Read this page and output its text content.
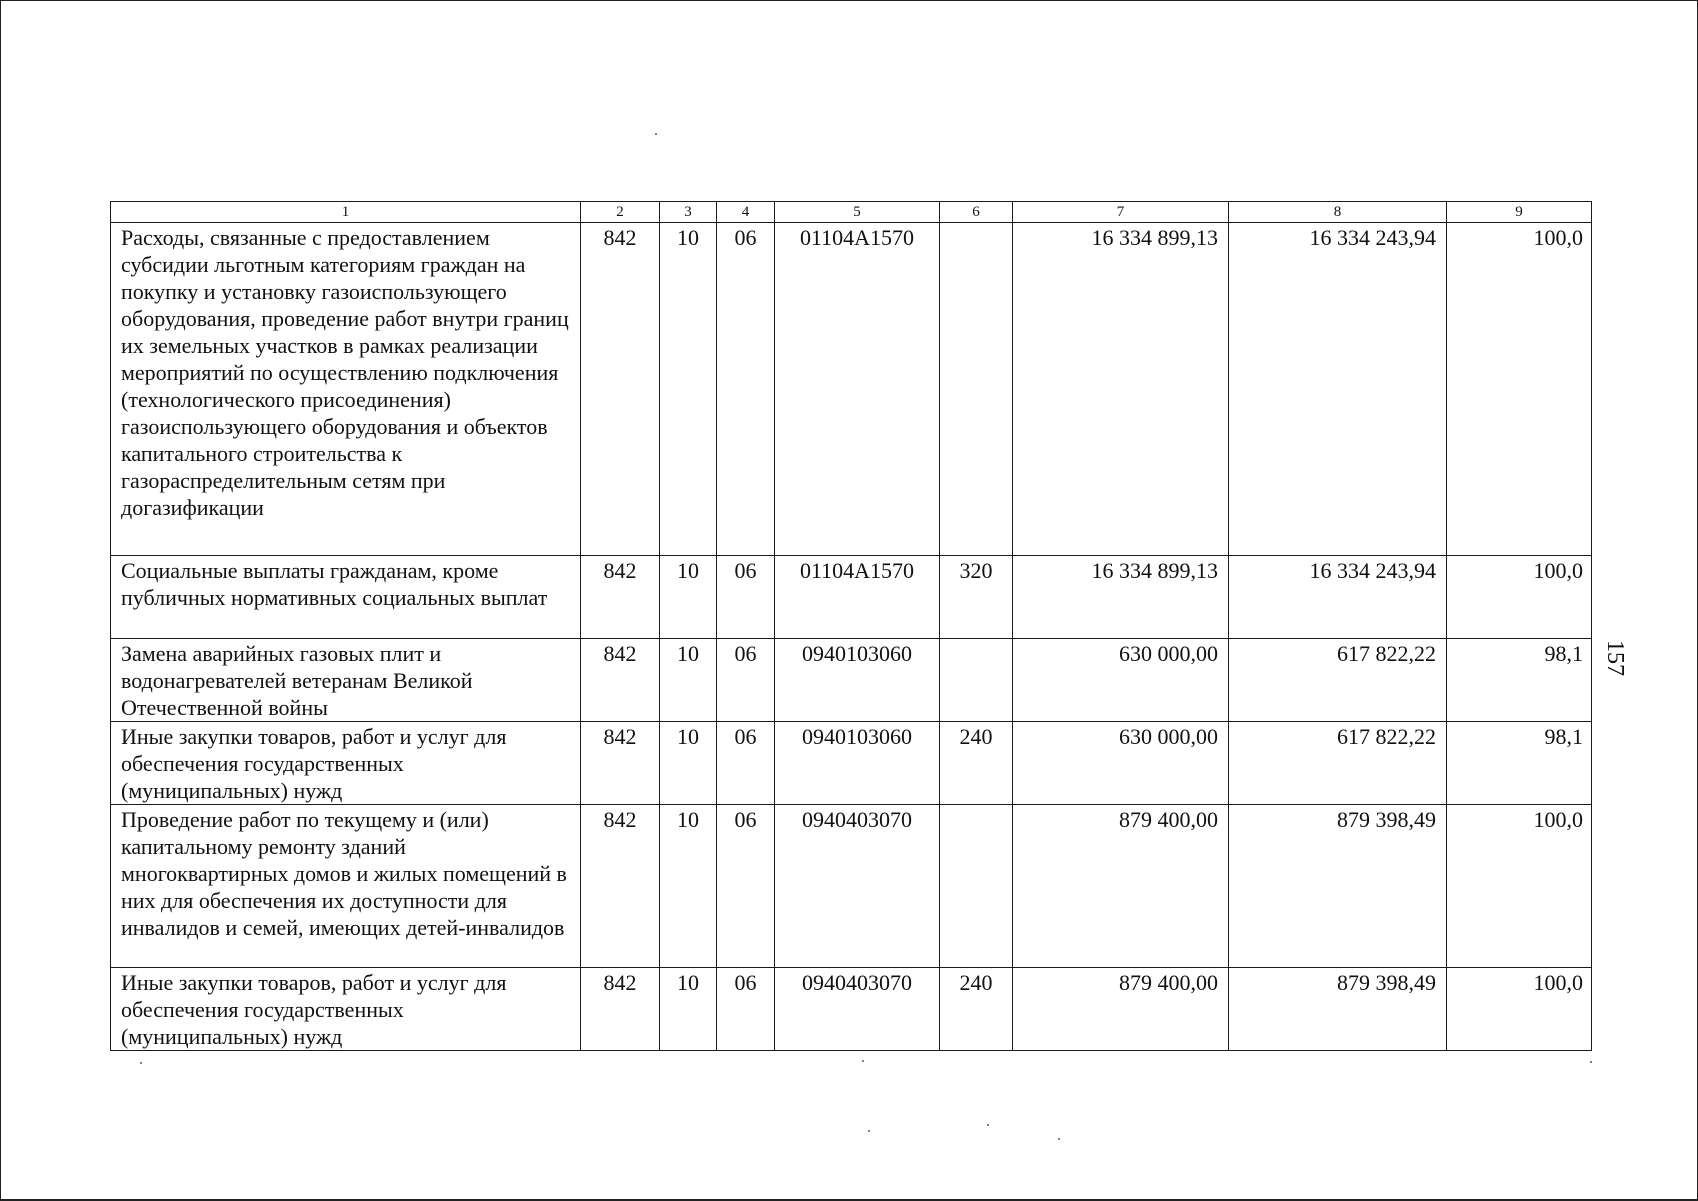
1	2	3	4	5	6	7	8	9
Расходы, связанные с предоставлением субсидии льготным категориям граждан на покупку и установку газоиспользующего оборудования, проведение работ внутри границ их земельных участков в рамках реализации мероприятий по осуществлению подключения (технологического присоединения) газоиспользующего оборудования и объектов капитального строительства к газораспределительным сетям при догазификации	842	10	06	01104A1570		16 334 899,13	16 334 243,94	100,0
Социальные выплаты гражданам, кроме публичных нормативных социальных выплат	842	10	06	01104A1570	320	16 334 899,13	16 334 243,94	100,0
Замена аварийных газовых плит и водонагревателей ветеранам Великой Отечественной войны	842	10	06	0940103060		630 000,00	617 822,22	98,1
Иные закупки товаров, работ и услуг для обеспечения государственных (муниципальных) нужд	842	10	06	0940103060	240	630 000,00	617 822,22	98,1
Проведение работ по текущему и (или) капитальному ремонту зданий многоквартирных домов и жилых помещений в них для обеспечения их доступности для инвалидов и семей, имеющих детей-инвалидов	842	10	06	0940403070		879 400,00	879 398,49	100,0
Иные закупки товаров, работ и услуг для обеспечения государственных (муниципальных) нужд	842	10	06	0940403070	240	879 400,00	879 398,49	100,0
157
